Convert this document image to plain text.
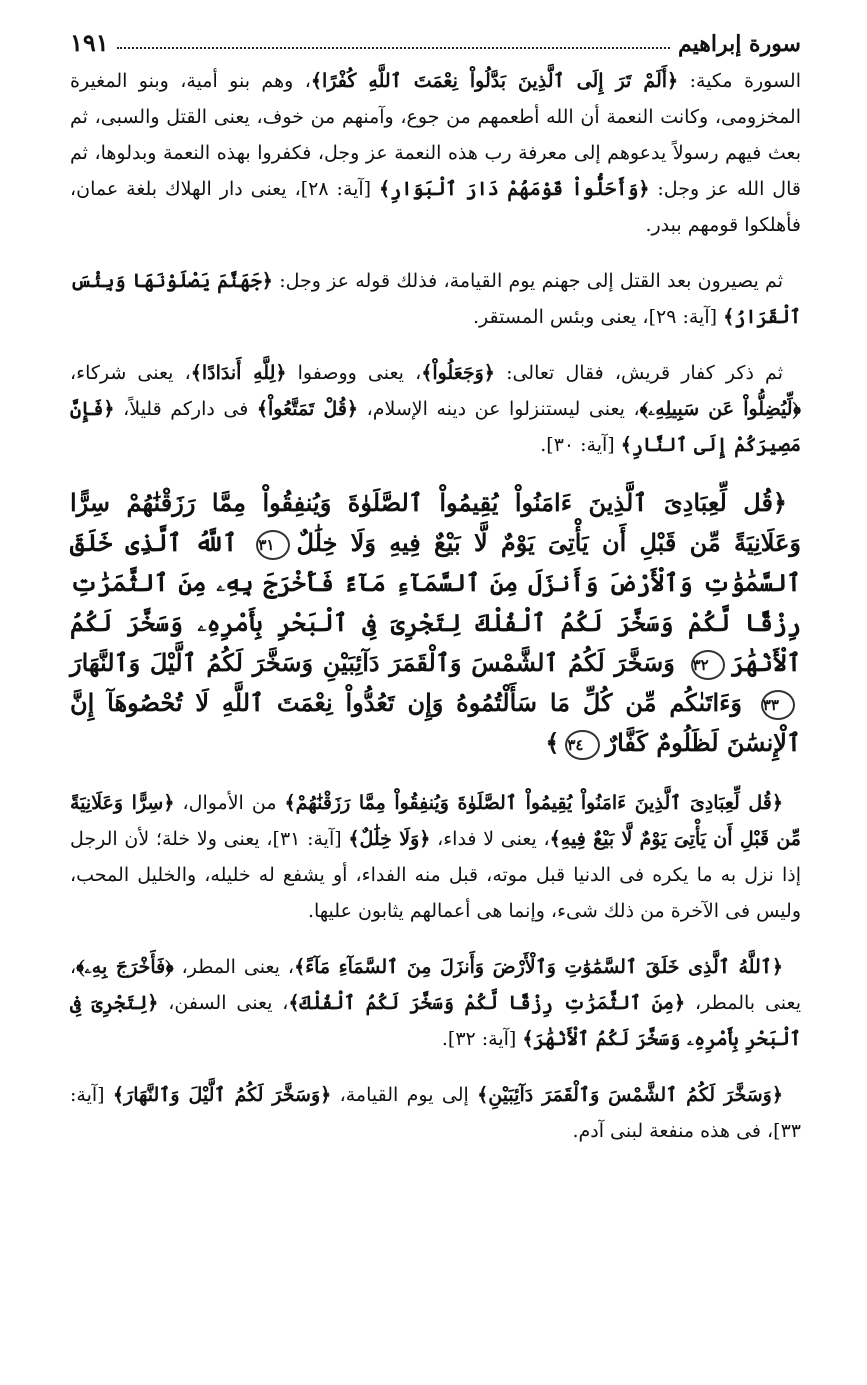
سورة إبراهيم
١٩١

السورة مكية: ﴿أَلَمْ تَرَ إِلَى ٱلَّذِينَ بَدَّلُواْ نِعْمَتَ ٱللَّهِ كُفْرًا﴾، وهم بنو أمية، وبنو المغيرة المخزومى، وكانت النعمة أن الله أطعمهم من جوع، وآمنهم من خوف، يعنى القتل والسبى، ثم بعث فيهم رسولاً يدعوهم إلى معرفة رب هذه النعمة عز وجل، فكفروا بهذه النعمة وبدلوها، ثم قال الله عز وجل: ﴿وَأَحَلُّواْ قَوْمَهُمْ دَارَ ٱلْبَوَارِ﴾ [آية: ٢٨]، يعنى دار الهلاك بلغة عمان، فأهلكوا قومهم ببدر.

ثم يصيرون بعد القتل إلى جهنم يوم القيامة، فذلك قوله عز وجل: ﴿جَهَنَّمَ يَصْلَوْنَهَا وَبِئْسَ ٱلْقَرَارُ﴾ [آية: ٢٩]، يعنى وبئس المستقر.

ثم ذكر كفار قريش، فقال تعالى: ﴿وَجَعَلُواْ﴾، يعنى ووصفوا ﴿لِلَّهِ أَندَادًا﴾، يعنى شركاء، ﴿لِّيُضِلُّواْ عَن سَبِيلِهِۦ﴾، يعنى ليستنزلوا عن دينه الإسلام، ﴿قُلْ تَمَتَّعُواْ﴾ فى داركم قليلاً، ﴿فَإِنَّ مَصِيرَكُمْ إِلَى ٱلنَّارِ﴾ [آية: ٣٠].

﴿قُل لِّعِبَادِىَ ٱلَّذِينَ ءَامَنُواْ يُقِيمُواْ ٱلصَّلَوٰةَ وَيُنفِقُواْ مِمَّا رَزَقْنَٰهُمْ سِرًّا وَعَلَانِيَةً مِّن قَبْلِ أَن يَأْتِىَ يَوْمٌ لَّا بَيْعٌ فِيهِ وَلَا خِلَٰلٌ٣١ ٱللَّهُ ٱلَّذِى خَلَقَ ٱلسَّمَٰوَٰتِ وَٱلْأَرْضَ وَأَنزَلَ مِنَ ٱلسَّمَآءِ مَآءً فَأَخْرَجَ بِهِۦ مِنَ ٱلثَّمَرَٰتِ رِزْقًا لَّكُمْ وَسَخَّرَ لَكُمُ ٱلْفُلْكَ لِتَجْرِىَ فِى ٱلْبَحْرِ بِأَمْرِهِۦ وَسَخَّرَ لَكُمُ ٱلْأَنْهَٰرَ٣٢ وَسَخَّرَ لَكُمُ ٱلشَّمْسَ وَٱلْقَمَرَ دَآئِبَيْنِ وَسَخَّرَ لَكُمُ ٱلَّيْلَ وَٱلنَّهَارَ٣٣ وَءَاتَىٰكُم مِّن كُلِّ مَا سَأَلْتُمُوهُ وَإِن تَعُدُّواْ نِعْمَتَ ٱللَّهِ لَا تُحْصُوهَآ إِنَّ ٱلْإِنسَٰنَ لَظَلُومٌ كَفَّارٌ٣٤﴾

﴿قُل لِّعِبَادِىَ ٱلَّذِينَ ءَامَنُواْ يُقِيمُواْ ٱلصَّلَوٰةَ وَيُنفِقُواْ مِمَّا رَزَقْنَٰهُمْ﴾ من الأموال، ﴿سِرًّا وَعَلَانِيَةً مِّن قَبْلِ أَن يَأْتِىَ يَوْمٌ لَّا بَيْعٌ فِيهِ﴾، يعنى لا فداء، ﴿وَلَا خِلَٰلٌ﴾ [آية: ٣١]، يعنى ولا خلة؛ لأن الرجل إذا نزل به ما يكره فى الدنيا قبل موته، قبل منه الفداء، أو يشفع له خليله، والخليل المحب، وليس فى الآخرة من ذلك شىء، وإنما هى أعمالهم يثابون عليها.

﴿ٱللَّهُ ٱلَّذِى خَلَقَ ٱلسَّمَٰوَٰتِ وَٱلْأَرْضَ وَأَنزَلَ مِنَ ٱلسَّمَآءِ مَآءً﴾، يعنى المطر، ﴿فَأَخْرَجَ بِهِۦ﴾، يعنى بالمطر، ﴿مِنَ ٱلثَّمَرَٰتِ رِزْقًا لَّكُمْ وَسَخَّرَ لَكُمُ ٱلْفُلْكَ﴾، يعنى السفن، ﴿لِتَجْرِىَ فِى ٱلْبَحْرِ بِأَمْرِهِۦ وَسَخَّرَ لَكُمُ ٱلْأَنْهَٰرَ﴾ [آية: ٣٢].

﴿وَسَخَّرَ لَكُمُ ٱلشَّمْسَ وَٱلْقَمَرَ دَآئِبَيْنِ﴾ إلى يوم القيامة، ﴿وَسَخَّرَ لَكُمُ ٱلَّيْلَ وَٱلنَّهَارَ﴾ [آية: ٣٣]، فى هذه منفعة لبنى آدم.
